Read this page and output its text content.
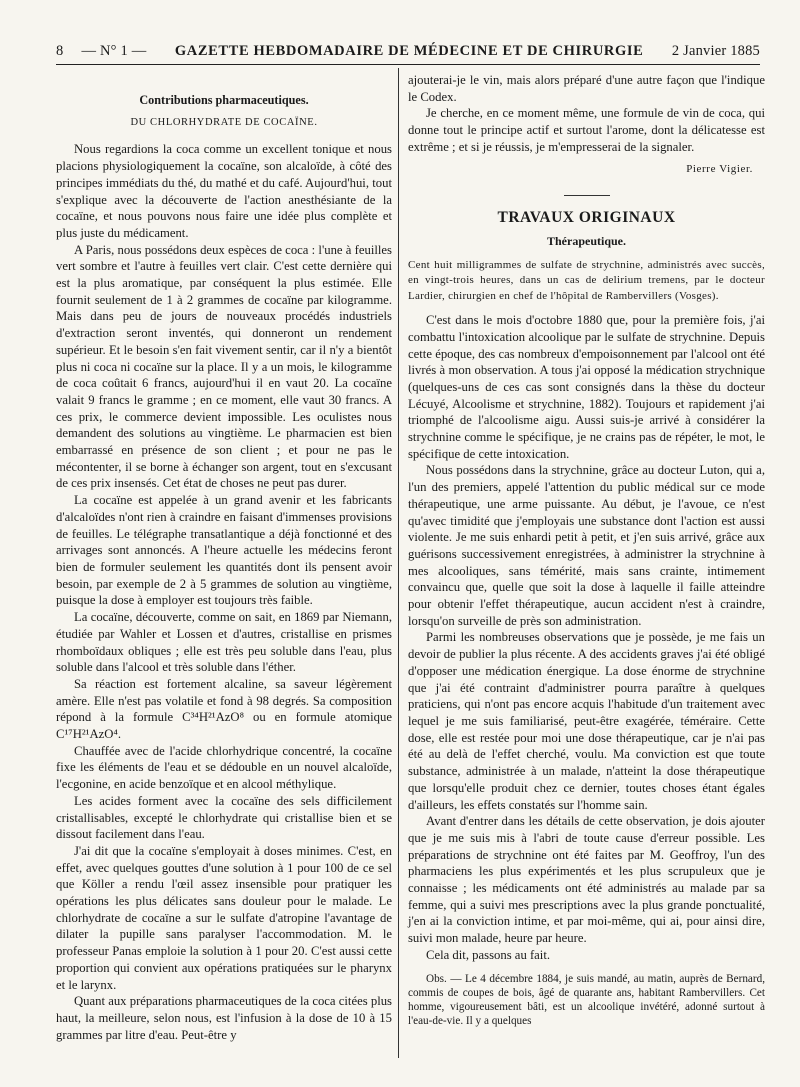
8 — N° 1 — GAZETTE HEBDOMADAIRE DE MÉDECINE ET DE CHIRURGIE 2 Janvier 1885
Contributions pharmaceutiques.
DU CHLORHYDRATE DE COCAÏNE.

Nous regardions la coca comme un excellent tonique et nous placions physiologiquement la cocaïne, son alcaloïde, à côté des principes immédiats du thé, du mathé et du café. Aujourd'hui, tout s'explique avec la découverte de l'action anesthésiante de la cocaïne, et nous pouvons nous faire une idée plus complète et plus juste du médicament.

A Paris, nous possédons deux espèces de coca : l'une à feuilles vert sombre et l'autre à feuilles vert clair. C'est cette dernière qui est la plus aromatique, par conséquent la plus estimée. Elle fournit seulement de 1 à 2 grammes de cocaïne par kilogramme. Mais dans peu de jours de nouveaux procédés industriels d'extraction seront inventés, qui donneront un rendement supérieur. Et le besoin s'en fait vivement sentir, car il n'y a bientôt plus ni coca ni cocaïne sur la place. Il y a un mois, le kilogramme de coca coûtait 6 francs, aujourd'hui il en vaut 20. La cocaïne valait 9 francs le gramme ; en ce moment, elle vaut 30 francs. A ces prix, le commerce devient impossible. Les oculistes nous demandent des solutions au vingtième. Le pharmacien est bien embarrassé en présence de son client ; et pour ne pas le mécontenter, il se borne à échanger son argent, tout en s'excusant de ces prix insensés. Cet état de choses ne peut pas durer.

La cocaïne est appelée à un grand avenir et les fabricants d'alcaloïdes n'ont rien à craindre en faisant d'immenses provisions de feuilles. Le télégraphe transatlantique a déjà fonctionné et des arrivages sont annoncés. A l'heure actuelle les médecins feront bien de formuler seulement les quantités dont ils pensent avoir besoin, par exemple de 2 à 5 grammes de solution au vingtième, puisque la dose à employer est toujours très faible.

La cocaïne, découverte, comme on sait, en 1869 par Niemann, étudiée par Wahler et Lossen et d'autres, cristallise en prismes rhomboïdaux obliques ; elle est très peu soluble dans l'eau, plus soluble dans l'alcool et très soluble dans l'éther.

Sa réaction est fortement alcaline, sa saveur légèrement amère. Elle n'est pas volatile et fond à 98 degrés. Sa composition répond à la formule C³⁴H²¹AzO⁸ ou en formule atomique C¹⁷H²¹AzO⁴.

Chauffée avec de l'acide chlorhydrique concentré, la cocaïne fixe les éléments de l'eau et se dédouble en un nouvel alcaloïde, l'ecgonine, en acide benzoïque et en alcool méthylique.

Les acides forment avec la cocaïne des sels difficilement cristallisables, excepté le chlorhydrate qui cristallise bien et se dissout facilement dans l'eau.

J'ai dit que la cocaïne s'employait à doses minimes. C'est, en effet, avec quelques gouttes d'une solution à 1 pour 100 de ce sel que Köller a rendu l'œil assez insensible pour pratiquer les opérations les plus délicates sans douleur pour le malade. Le chlorhydrate de cocaïne a sur le sulfate d'atropine l'avantage de dilater la pupille sans paralyser l'accommodation. M. le professeur Panas emploie la solution à 1 pour 20. C'est aussi cette proportion qui convient aux opérations pratiquées sur le pharynx et le larynx.

Quant aux préparations pharmaceutiques de la coca citées plus haut, la meilleure, selon nous, est l'infusion à la dose de 10 à 15 grammes par litre d'eau. Peut-être y

ajouterai-je le vin, mais alors préparé d'une autre façon que l'indique le Codex.

Je cherche, en ce moment même, une formule de vin de coca, qui donne tout le principe actif et surtout l'arome, dont la délicatesse est extrême ; et si je réussis, je m'empresserai de la signaler.

Pierre Vigier.

TRAVAUX ORIGINAUX
Thérapeutique.

Cent huit milligrammes de sulfate de strychnine, administrés avec succès, en vingt-trois heures, dans un cas de delirium tremens, par le docteur Lardier, chirurgien en chef de l'hôpital de Rambervillers (Vosges).

C'est dans le mois d'octobre 1880 que, pour la première fois, j'ai combattu l'intoxication alcoolique par le sulfate de strychnine. Depuis cette époque, des cas nombreux d'empoisonnement par l'alcool ont été livrés à mon observation. A tous j'ai opposé la médication strychnique (quelques-uns de ces cas sont consignés dans la thèse du docteur Lécuyé, Alcoolisme et strychnine, 1882). Toujours et rapidement j'ai triomphé de l'alcoolisme aigu. Aussi suis-je arrivé à considérer la strychnine comme le spécifique, je ne crains pas de répéter, le mot, le spécifique de cette intoxication.

Nous possédons dans la strychnine, grâce au docteur Luton, qui a, l'un des premiers, appelé l'attention du public médical sur ce mode thérapeutique, une arme puissante. Au début, je l'avoue, ce n'est qu'avec timidité que j'employais une substance dont l'action est aussi violente. Je me suis enhardi petit à petit, et j'en suis arrivé, grâce aux guérisons successivement enregistrées, à administrer la strychnine à mes alcooliques, sans témérité, mais sans crainte, intimement convaincu que, quelle que soit la dose à laquelle il faille atteindre pour obtenir l'effet thérapeutique, aucun accident n'est à craindre, lorsqu'on surveille de près son administration.

Parmi les nombreuses observations que je possède, je me fais un devoir de publier la plus récente. A des accidents graves j'ai été obligé d'opposer une médication énergique. La dose énorme de strychnine que j'ai été contraint d'administrer pourra paraître à quelques praticiens, qui n'ont pas encore acquis l'habitude d'un traitement avec lequel je me suis familiarisé, peut-être exagérée, téméraire. Cette dose, elle est restée pour moi une dose thérapeutique, car je n'ai pas été au delà de l'effet cherché, voulu. Ma conviction est que toute substance, administrée à un malade, n'atteint la dose thérapeutique que lorsqu'elle produit chez ce dernier, toutes choses étant égales d'ailleurs, les effets constatés sur l'homme sain.

Avant d'entrer dans les détails de cette observation, je dois ajouter que je me suis mis à l'abri de toute cause d'erreur possible. Les préparations de strychnine ont été faites par M. Geoffroy, l'un des pharmaciens les plus expérimentés et les plus scrupuleux que je connaisse ; les médicaments ont été administrés au malade par sa femme, qui a suivi mes prescriptions avec la plus grande ponctualité, j'en ai la conviction intime, et par moi-même, qui ai, pour ainsi dire, suivi mon malade, heure par heure.

Cela dit, passons au fait.

Obs. — Le 4 décembre 1884, je suis mandé, au matin, auprès de Bernard, commis de coupes de bois, âgé de quarante ans, habitant Rambervillers. Cet homme, vigoureusement bâti, est un alcoolique invétéré, adonné surtout à l'eau-de-vie. Il y a quelques
